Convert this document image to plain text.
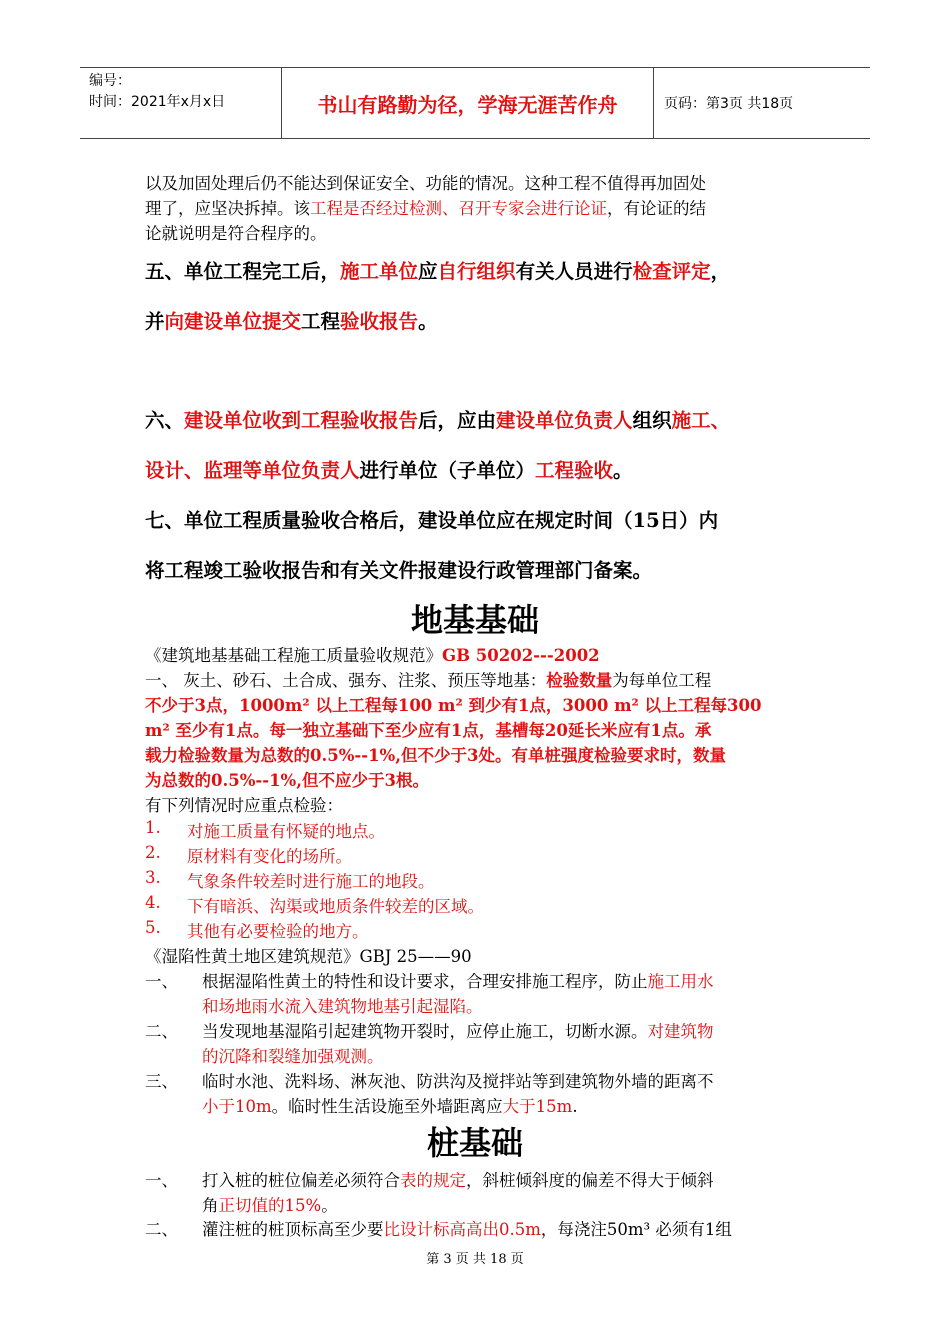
编号：
时间：2021年x月x日	书山有路勤为径，学海无涯苦作舟	页码：第3页 共18页
以及加固处理后仍不能达到保证安全、功能的情况。这种工程不值得再加固处
理了，应坚决拆掉。该工程是否经过检测、召开专家会进行论证，有论证的结
论就说明是符合程序的。
五、单位工程完工后，施工单位应自行组织有关人员进行检查评定，
并向建设单位提交工程验收报告。
六、建设单位收到工程验收报告后，应由建设单位负责人组织施工、
设计、监理等单位负责人进行单位（子单位）工程验收。
七、单位工程质量验收合格后，建设单位应在规定时间（15日）内
将工程竣工验收报告和有关文件报建设行政管理部门备案。
地基基础
《建筑地基基础工程施工质量验收规范》GB 50202---2002
一、 灰土、砂石、土合成、强夯、注浆、预压等地基：检验数量为每单位工程
不少于3点，1000m² 以上工程每100 m² 到少有1点，3000 m² 以上工程每300
m² 至少有1点。每一独立基础下至少应有1点，基槽每20延长米应有1点。承
载力检验数量为总数的0.5%--1%,但不少于3处。有单桩强度检验要求时，数量
为总数的0.5%--1%,但不应少于3根。
有下列情况时应重点检验：
1. 对施工质量有怀疑的地点。
2. 原材料有变化的场所。
3. 气象条件较差时进行施工的地段。
4. 下有暗浜、沟渠或地质条件较差的区域。
5. 其他有必要检验的地方。
《湿陷性黄土地区建筑规范》GBJ 25——90
一、 根据湿陷性黄土的特性和设计要求，合理安排施工程序，防止施工用水
和场地雨水流入建筑物地基引起湿陷。
二、 当发现地基湿陷引起建筑物开裂时，应停止施工，切断水源。对建筑物
的沉降和裂缝加强观测。
三、 临时水池、洗料场、淋灰池、防洪沟及搅拌站等到建筑物外墙的距离不
小于10m。临时性生活设施至外墙距离应大于15m.
桩基础
一、 打入桩的桩位偏差必须符合表的规定，斜桩倾斜度的偏差不得大于倾斜
角正切值的15%。
二、 灌注桩的桩顶标高至少要比设计标高高出0.5m，每浇注50m³ 必须有1组
第 3 页 共 18 页
